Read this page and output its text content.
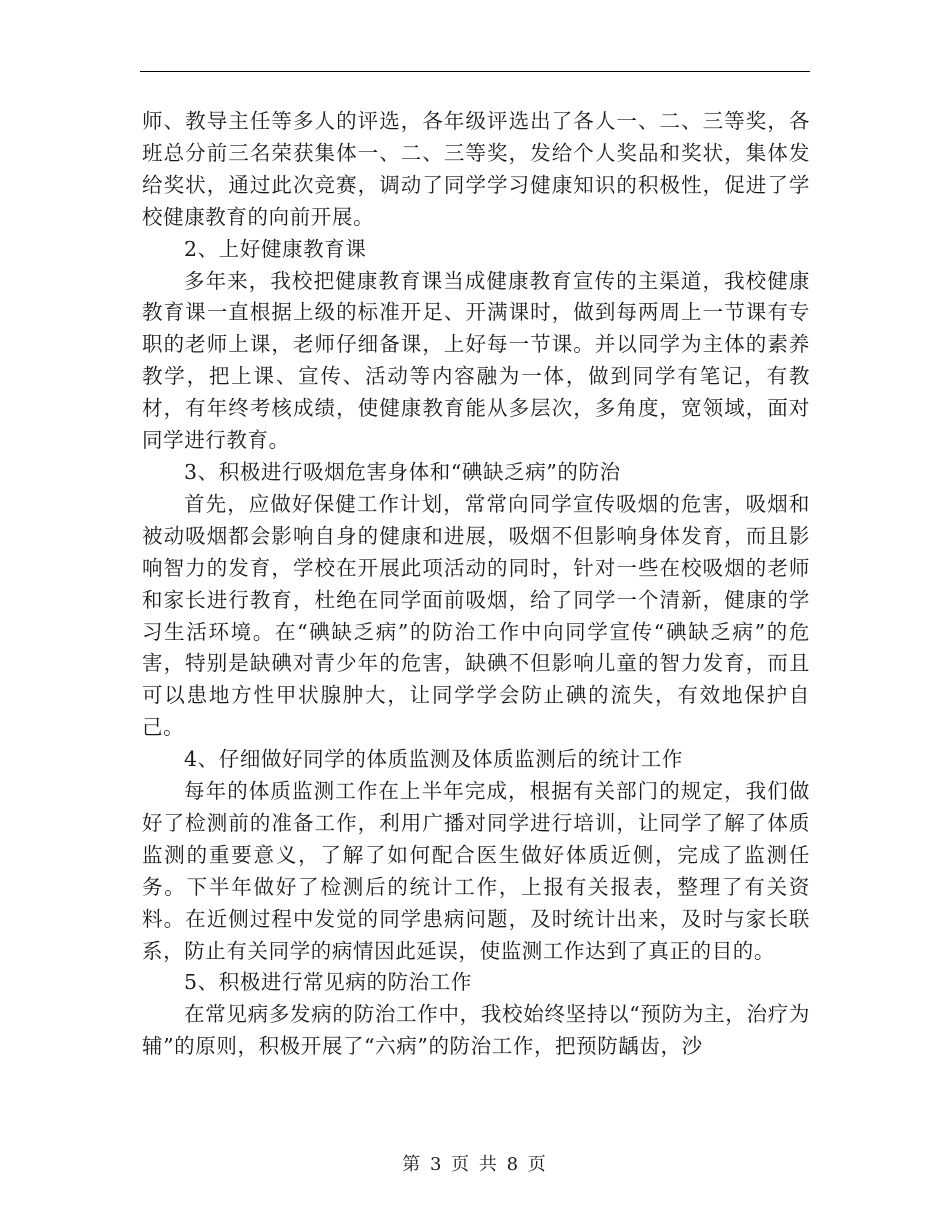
师、教导主任等多人的评选，各年级评选出了各人一、二、三等奖，各班总分前三名荣获集体一、二、三等奖，发给个人奖品和奖状，集体发给奖状，通过此次竞赛，调动了同学学习健康知识的积极性，促进了学校健康教育的向前开展。

2、上好健康教育课

多年来，我校把健康教育课当成健康教育宣传的主渠道，我校健康教育课一直根据上级的标准开足、开满课时，做到每两周上一节课有专职的老师上课，老师仔细备课，上好每一节课。并以同学为主体的素养教学，把上课、宣传、活动等内容融为一体，做到同学有笔记，有教材，有年终考核成绩，使健康教育能从多层次，多角度，宽领域，面对同学进行教育。

3、积极进行吸烟危害身体和“碘缺乏病”的防治

首先，应做好保健工作计划，常常向同学宣传吸烟的危害，吸烟和被动吸烟都会影响自身的健康和进展，吸烟不但影响身体发育，而且影响智力的发育，学校在开展此项活动的同时，针对一些在校吸烟的老师和家长进行教育，杜绝在同学面前吸烟，给了同学一个清新，健康的学习生活环境。在“碘缺乏病”的防治工作中向同学宣传“碘缺乏病”的危害，特别是缺碘对青少年的危害，缺碘不但影响儿童的智力发育，而且可以患地方性甲状腺肿大，让同学学会防止碘的流失，有效地保护自己。

4、仔细做好同学的体质监测及体质监测后的统计工作

每年的体质监测工作在上半年完成，根据有关部门的规定，我们做好了检测前的准备工作，利用广播对同学进行培训，让同学了解了体质监测的重要意义，了解了如何配合医生做好体质近侧，完成了监测任务。下半年做好了检测后的统计工作，上报有关报表，整理了有关资料。在近侧过程中发觉的同学患病问题，及时统计出来，及时与家长联系，防止有关同学的病情因此延误，使监测工作达到了真正的目的。

5、积极进行常见病的防治工作

在常见病多发病的防治工作中，我校始终坚持以“预防为主，治疗为辅”的原则，积极开展了“六病”的防治工作，把预防龋齿，沙

第 3 页 共 8 页
